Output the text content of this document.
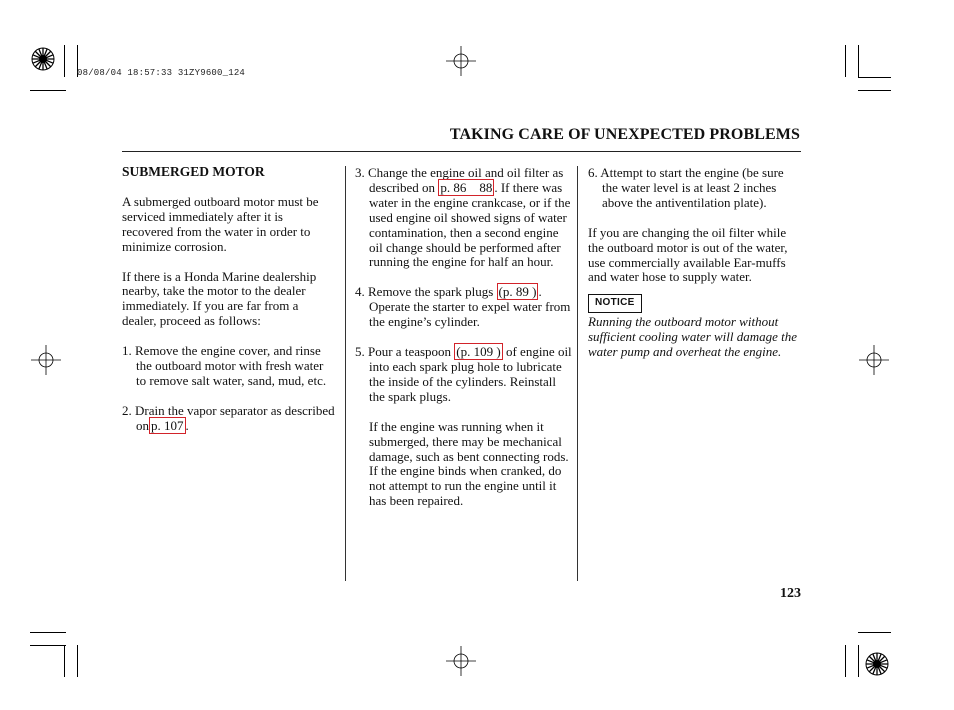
08/08/04 18:57:33 31ZY9600_124
TAKING CARE OF UNEXPECTED PROBLEMS

SUBMERGED MOTOR

A submerged outboard motor must be serviced immediately after it is recovered from the water in order to minimize corrosion.

If there is a Honda Marine dealership nearby, take the motor to the dealer immediately. If you are far from a dealer, proceed as follows:

1. Remove the engine cover, and rinse the outboard motor with fresh water to remove salt water, sand, mud, etc.

2. Drain the vapor separator as described on p. 107 .

3. Change the engine oil and oil filter as described on p. 86    88 . If there was water in the engine crankcase, or if the used engine oil showed signs of water contamination, then a second engine oil change should be performed after running the engine for half an hour.

4. Remove the spark plugs (p. 89 ) . Operate the starter to expel water from the engine’s cylinder.

5. Pour a teaspoon (p. 109 ) of engine oil into each spark plug hole to lubricate the inside of the cylinders. Reinstall the spark plugs.

If the engine was running when it submerged, there may be mechanical damage, such as bent connecting rods. If the engine binds when cranked, do not attempt to run the engine until it has been repaired.

6. Attempt to start the engine (be sure the water level is at least 2 inches above the antiventilation plate).

If you are changing the oil filter while the outboard motor is out of the water, use commercially available Ear-muffs and water hose to supply water.

NOTICE

Running the outboard motor without sufficient cooling water will damage the water pump and overheat the engine.

123
